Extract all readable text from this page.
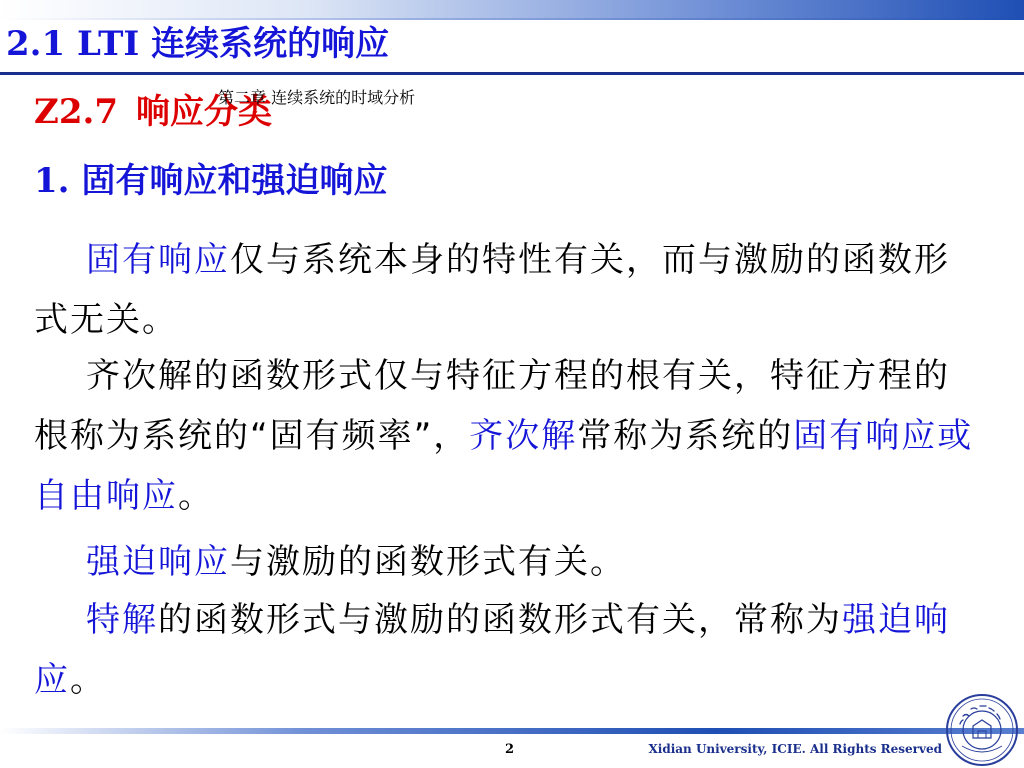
2.1 LTI 连续系统的响应
Z2.7 响应分类
第二章 连续系统的时域分析
1. 固有响应和强迫响应

固有响应仅与系统本身的特性有关，而与激励的函数形式无关。

齐次解的函数形式仅与特征方程的根有关，特征方程的根称为系统的“固有频率”，齐次解常称为系统的固有响应或自由响应。

强迫响应与激励的函数形式有关。

特解的函数形式与激励的函数形式有关，常称为强迫响应。

2	Xidian University, ICIE. All Rights Reserved
